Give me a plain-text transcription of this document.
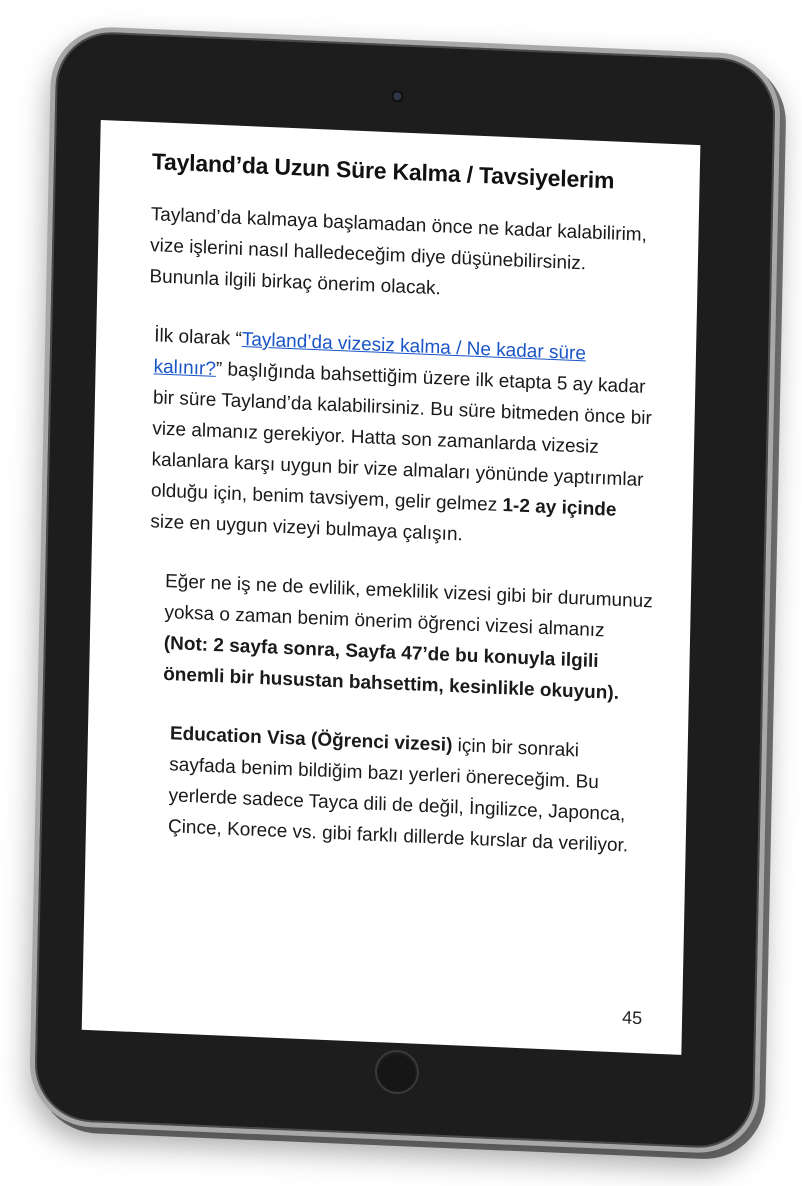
Tayland’da Uzun Süre Kalma / Tavsiyelerim

Tayland’da kalmaya başlamadan önce ne kadar kalabilirim, vize işlerini nasıl halledeceğim diye düşünebilirsiniz. Bununla ilgili birkaç önerim olacak.

İlk olarak “Tayland’da vizesiz kalma / Ne kadar süre kalınır?” başlığında bahsettiğim üzere ilk etapta 5 ay kadar bir süre Tayland’da kalabilirsiniz. Bu süre bitmeden önce bir vize almanız gerekiyor. Hatta son zamanlarda vizesiz kalanlara karşı uygun bir vize almaları yönünde yaptırımlar olduğu için, benim tavsiyem, gelir gelmez 1-2 ay içinde size en uygun vizeyi bulmaya çalışın.

Eğer ne iş ne de evlilik, emeklilik vizesi gibi bir durumunuz yoksa o zaman benim önerim öğrenci vizesi almanız (Not: 2 sayfa sonra, Sayfa 47’de bu konuyla ilgili önemli bir husustan bahsettim, kesinlikle okuyun).

Education Visa (Öğrenci vizesi) için bir sonraki sayfada benim bildiğim bazı yerleri önereceğim. Bu yerlerde sadece Tayca dili de değil, İngilizce, Japonca, Çince, Korece vs. gibi farklı dillerde kurslar da veriliyor.

45
